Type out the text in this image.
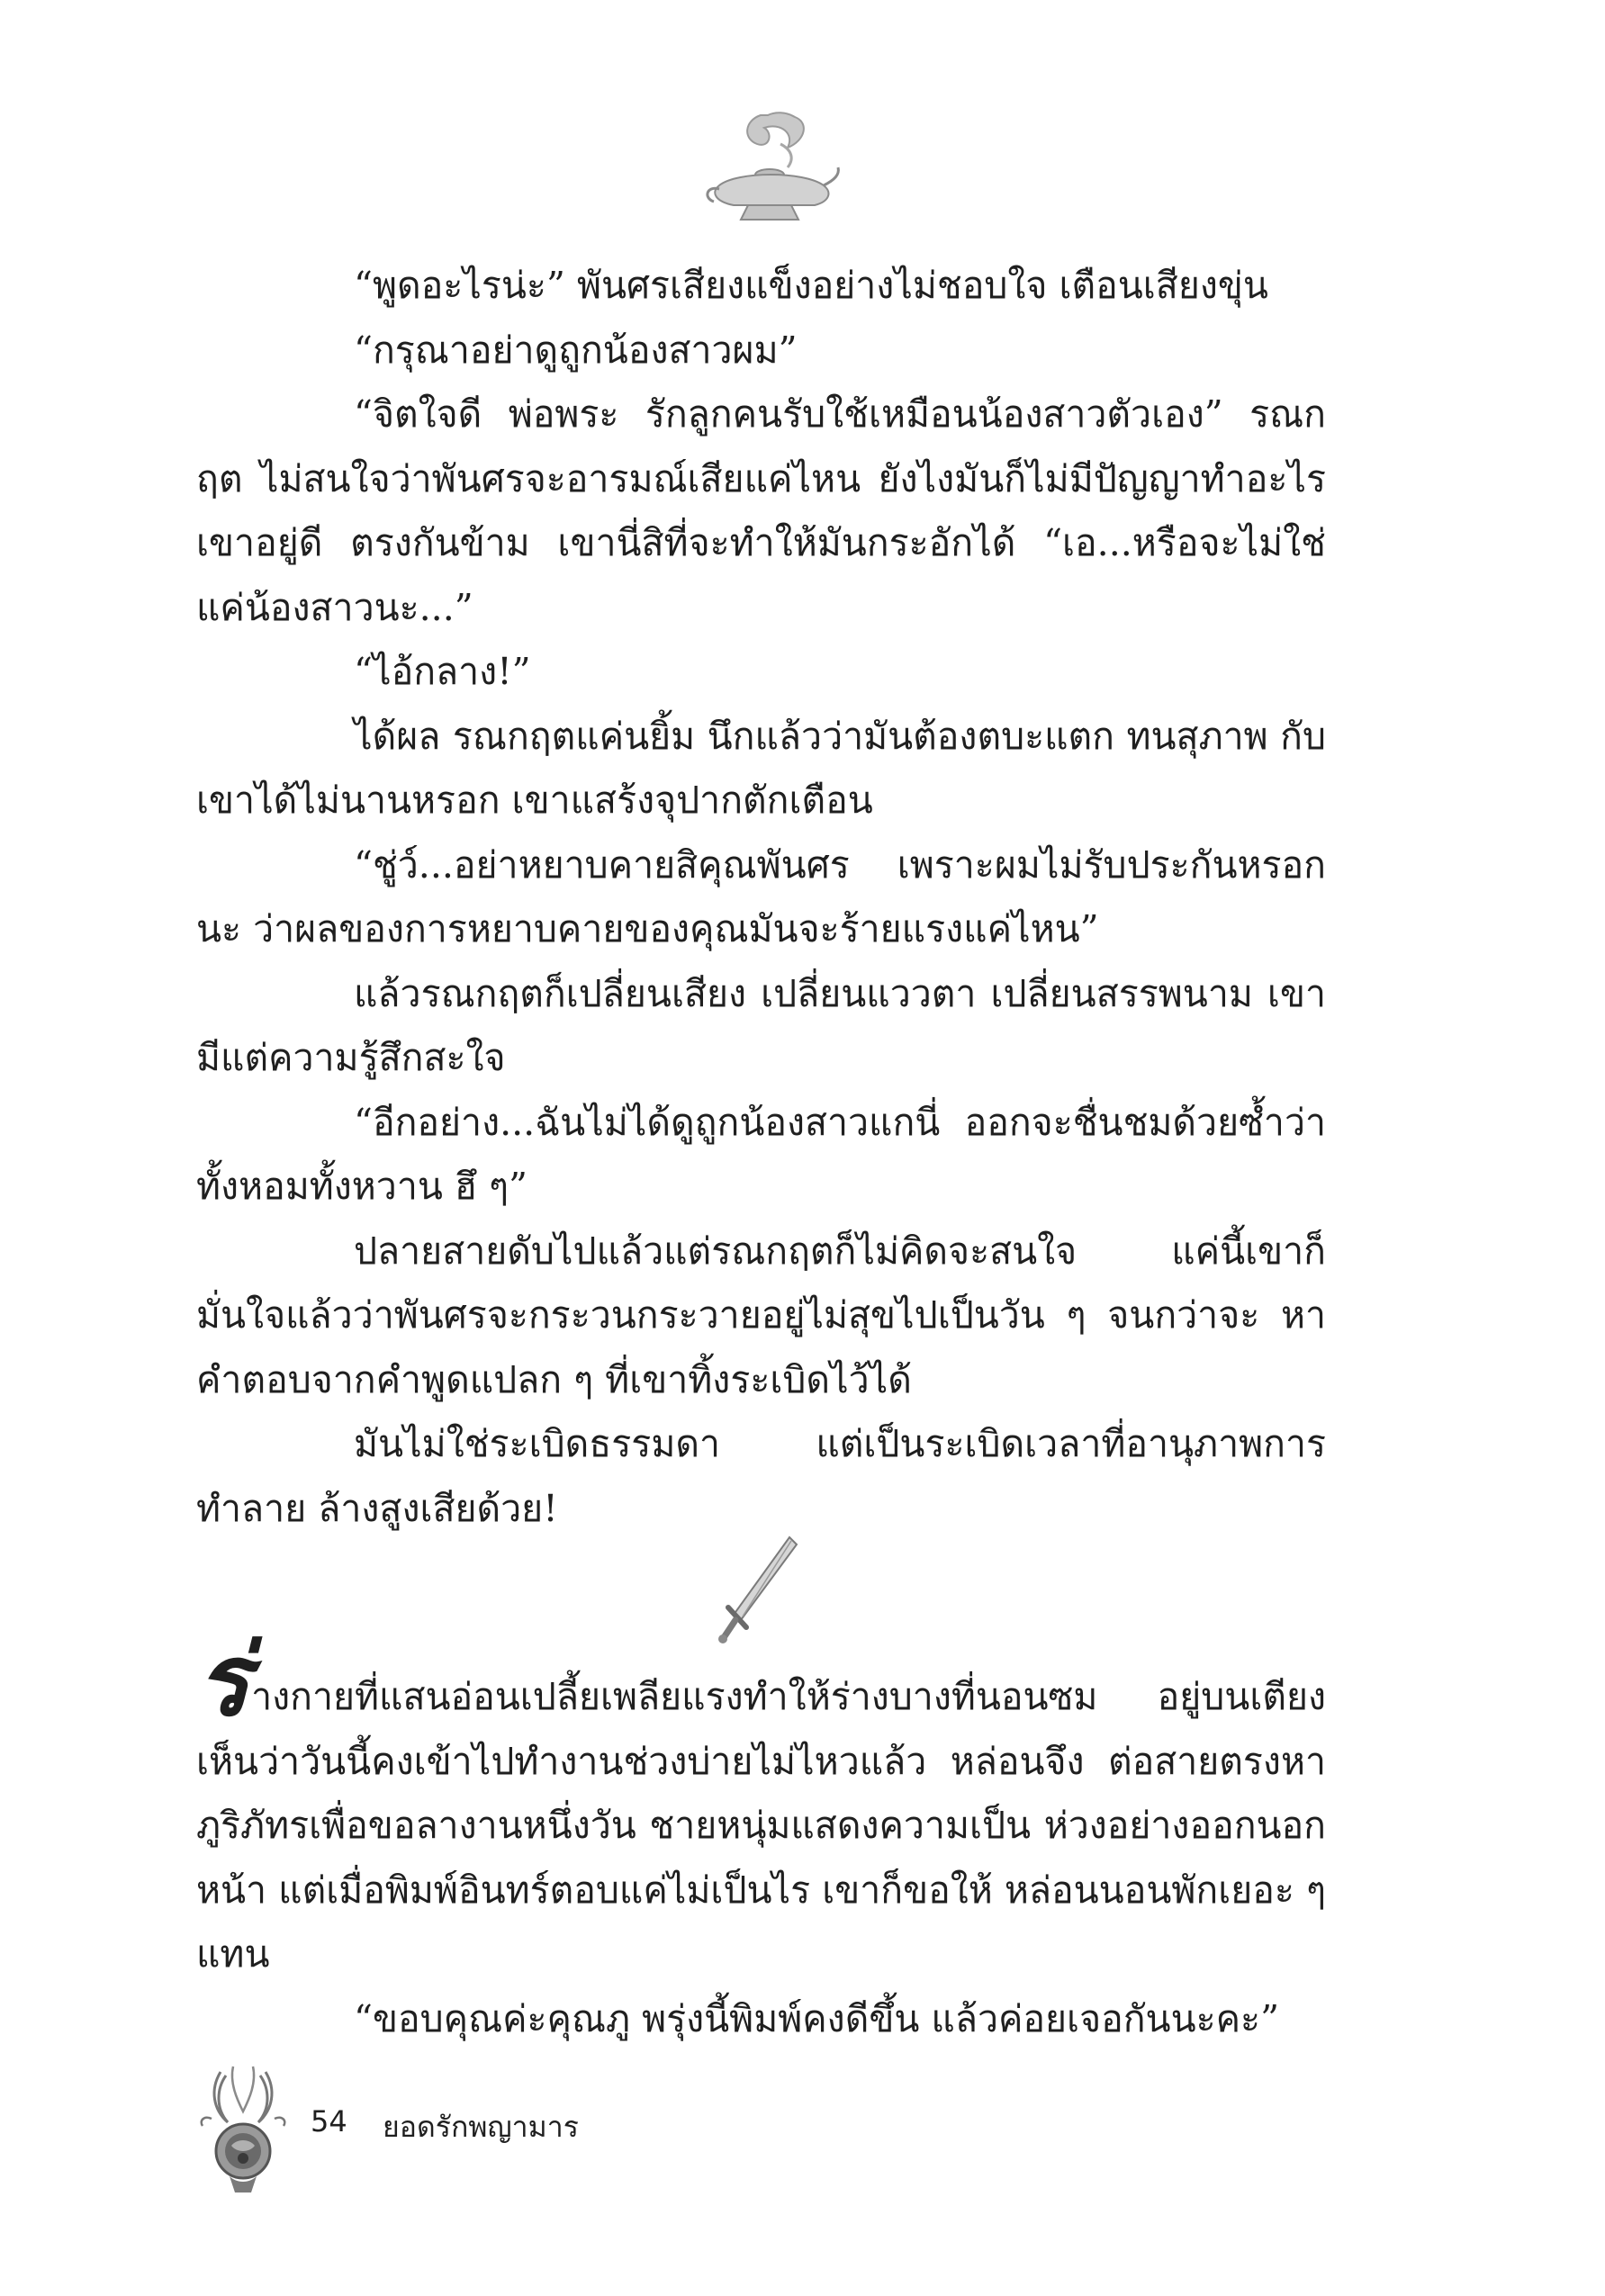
“พูดอะไรน่ะ” พันศรเสียงแข็งอย่างไม่ชอบใจ เตือนเสียงขุ่น

“กรุณาอย่าดูถูกน้องสาวผม”

“จิตใจดี พ่อพระ รักลูกคนรับใช้เหมือนน้องสาวตัวเอง” รณกฤต ไม่สนใจว่าพันศรจะอารมณ์เสียแค่ไหน ยังไงมันก็ไม่มีปัญญาทำอะไร เขาอยู่ดี ตรงกันข้าม เขานี่สิที่จะทำให้มันกระอักได้ “เอ...หรือจะไม่ใช่ แค่น้องสาวนะ...”

“ไอ้กลาง!”

ได้ผล รณกฤตแค่นยิ้ม นึกแล้วว่ามันต้องตบะแตก ทนสุภาพ กับเขาได้ไม่นานหรอก เขาแสร้งจุปากตักเตือน

“ชู่ว์...อย่าหยาบคายสิคุณพันศร เพราะผมไม่รับประกันหรอกนะ ว่าผลของการหยาบคายของคุณมันจะร้ายแรงแค่ไหน”

แล้วรณกฤตก็เปลี่ยนเสียง เปลี่ยนแววตา เปลี่ยนสรรพนาม เขามีแต่ความรู้สึกสะใจ

“อีกอย่าง...ฉันไม่ได้ดูถูกน้องสาวแกนี่ ออกจะชื่นชมด้วยซ้ำว่า ทั้งหอมทั้งหวาน ฮึ ๆ”

ปลายสายดับไปแล้วแต่รณกฤตก็ไม่คิดจะสนใจ แค่นี้เขาก็ มั่นใจแล้วว่าพันศรจะกระวนกระวายอยู่ไม่สุขไปเป็นวัน ๆ จนกว่าจะ หาคำตอบจากคำพูดแปลก ๆ ที่เขาทิ้งระเบิดไว้ได้

มันไม่ใช่ระเบิดธรรมดา แต่เป็นระเบิดเวลาที่อานุภาพการทำลาย ล้างสูงเสียด้วย!

ร่างกายที่แสนอ่อนเปลี้ยเพลียแรงทำให้ร่างบางที่นอนซม อยู่บนเตียงเห็นว่าวันนี้คงเข้าไปทำงานช่วงบ่ายไม่ไหวแล้ว หล่อนจึง ต่อสายตรงหาภูริภัทรเพื่อขอลางานหนึ่งวัน ชายหนุ่มแสดงความเป็น ห่วงอย่างออกนอกหน้า แต่เมื่อพิมพ์อินทร์ตอบแค่ไม่เป็นไร เขาก็ขอให้ หล่อนนอนพักเยอะ ๆ แทน

“ขอบคุณค่ะคุณภู พรุ่งนี้พิมพ์คงดีขึ้น แล้วค่อยเจอกันนะคะ”

54 ยอดรักพญามาร
